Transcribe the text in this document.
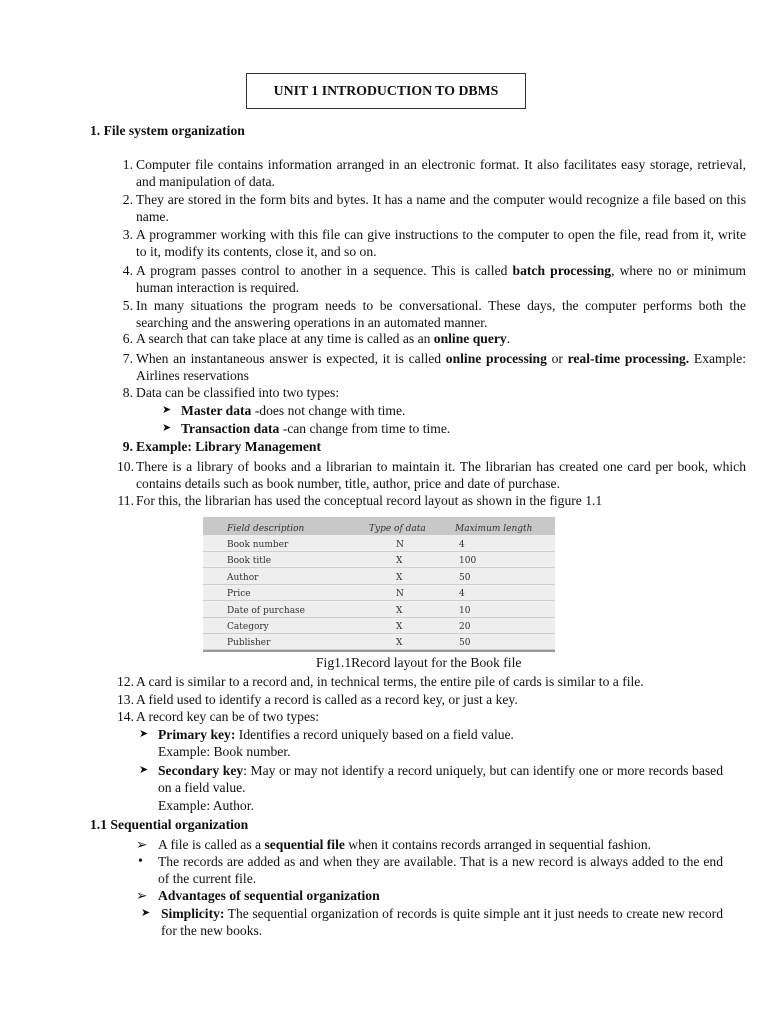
UNIT 1 INTRODUCTION TO DBMS
1. File system organization
1. Computer file contains information arranged in an electronic format. It also facilitates easy storage, retrieval, and manipulation of data.
2. They are stored in the form bits and bytes. It has a name and the computer would recognize a file based on this name.
3. A programmer working with this file can give instructions to the computer to open the file, read from it, write to it, modify its contents, close it, and so on.
4. A program passes control to another in a sequence. This is called batch processing, where no or minimum human interaction is required.
5. In many situations the program needs to be conversational. These days, the computer performs both the searching and the answering operations in an automated manner.
6. A search that can take place at any time is called as an online query.
7. When an instantaneous answer is expected, it is called online processing or real-time processing. Example: Airlines reservations
8. Data can be classified into two types:
➤ Master data -does not change with time.
➤ Transaction data -can change from time to time.
9. Example: Library Management
10. There is a library of books and a librarian to maintain it. The librarian has created one card per book, which contains details such as book number, title, author, price and date of purchase.
11. For this, the librarian has used the conceptual record layout as shown in the figure 1.1
Field description	Type of data	Maximum length
Book number	N	4
Book title	X	100
Author	X	50
Price	N	4
Date of purchase	X	10
Category	X	20
Publisher	X	50
Fig1.1Record layout for the Book file
12. A card is similar to a record and, in technical terms, the entire pile of cards is similar to a file.
13. A field used to identify a record is called as a record key, or just a key.
14. A record key can be of two types:
➤ Primary key: Identifies a record uniquely based on a field value.
Example: Book number.
➤ Secondary key: May or may not identify a record uniquely, but can identify one or more records based on a field value.
Example: Author.
1.1 Sequential organization
➢ A file is called as a sequential file when it contains records arranged in sequential fashion.
• The records are added as and when they are available. That is a new record is always added to the end of the current file.
➢ Advantages of sequential organization
➤ Simplicity: The sequential organization of records is quite simple ant it just needs to create new record for the new books.
